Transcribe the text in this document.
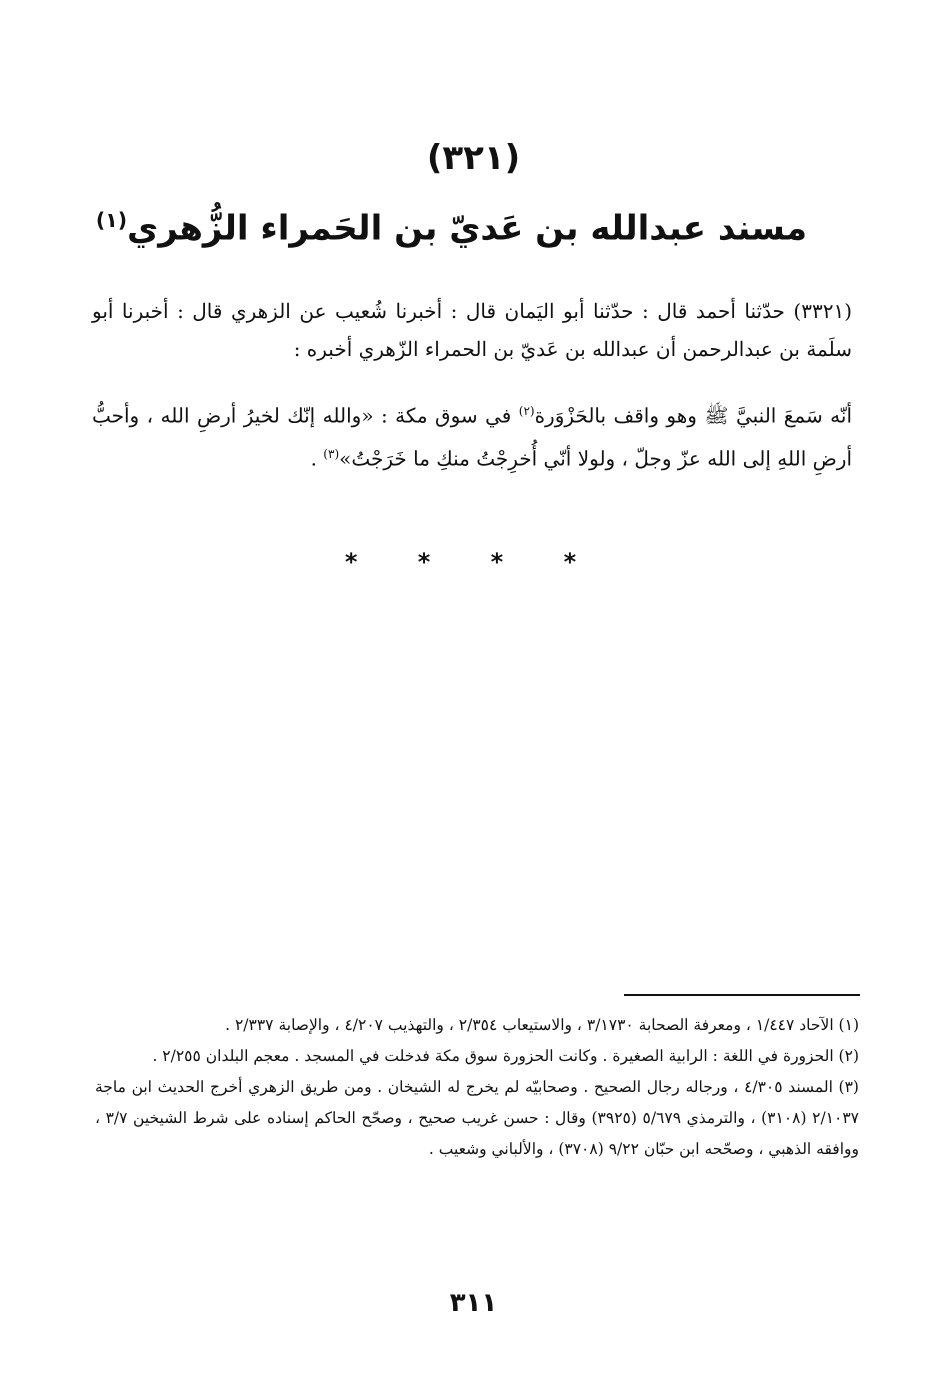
(٣٢١)
مسند عبدالله بن عَديّ بن الحَمراء الزُّهري$^{(١)}$
(٣٣٢١) حدّثنا أحمد قال : حدّثنا أبو اليَمان قال : أخبرنا شُعيب عن الزهري قال : أخبرنا أبو سلَمة بن عبدالرحمن أن عبدالله بن عَديّ بن الحمراء الزّهري أخبره :
أنّه سَمعَ النبيَّ ﷺ وهو واقف بالحَزْوَرة$^{(٢)}$ في سوق مكة : «والله إنّك لخيرُ أرضِ الله ، وأحبُّ أرضِ اللهِ إلى الله عزّ وجلّ ، ولولا أنّي أُخرِجْتُ منكِ ما خَرَجْتُ»$^{(٣)}$ .
* * * *

(١) الآحاد ١/٤٤٧ ، ومعرفة الصحابة ٣/١٧٣٠ ، والاستيعاب ٢/٣٥٤ ، والتهذيب ٤/٢٠٧ ، والإصابة ٢/٣٣٧ .

(٢) الحزورة في اللغة : الرابية الصغيرة . وكانت الحزورة سوق مكة فدخلت في المسجد . معجم البلدان ٢/٢٥٥ .

(٣) المسند ٤/٣٠٥ ، ورجاله رجال الصحيح . وصحابيّه لم يخرج له الشيخان . ومن طريق الزهري أخرج الحديث ابن ماجة ٢/١٠٣٧ (٣١٠٨) ، والترمذي ٥/٦٧٩ (٣٩٢٥) وقال : حسن غريب صحيح ، وصحّح الحاكم إسناده على شرط الشيخين ٣/٧ ، ووافقه الذهبي ، وصحّحه ابن حبّان ٩/٢٢ (٣٧٠٨) ، والألباني وشعيب .

٣١١
